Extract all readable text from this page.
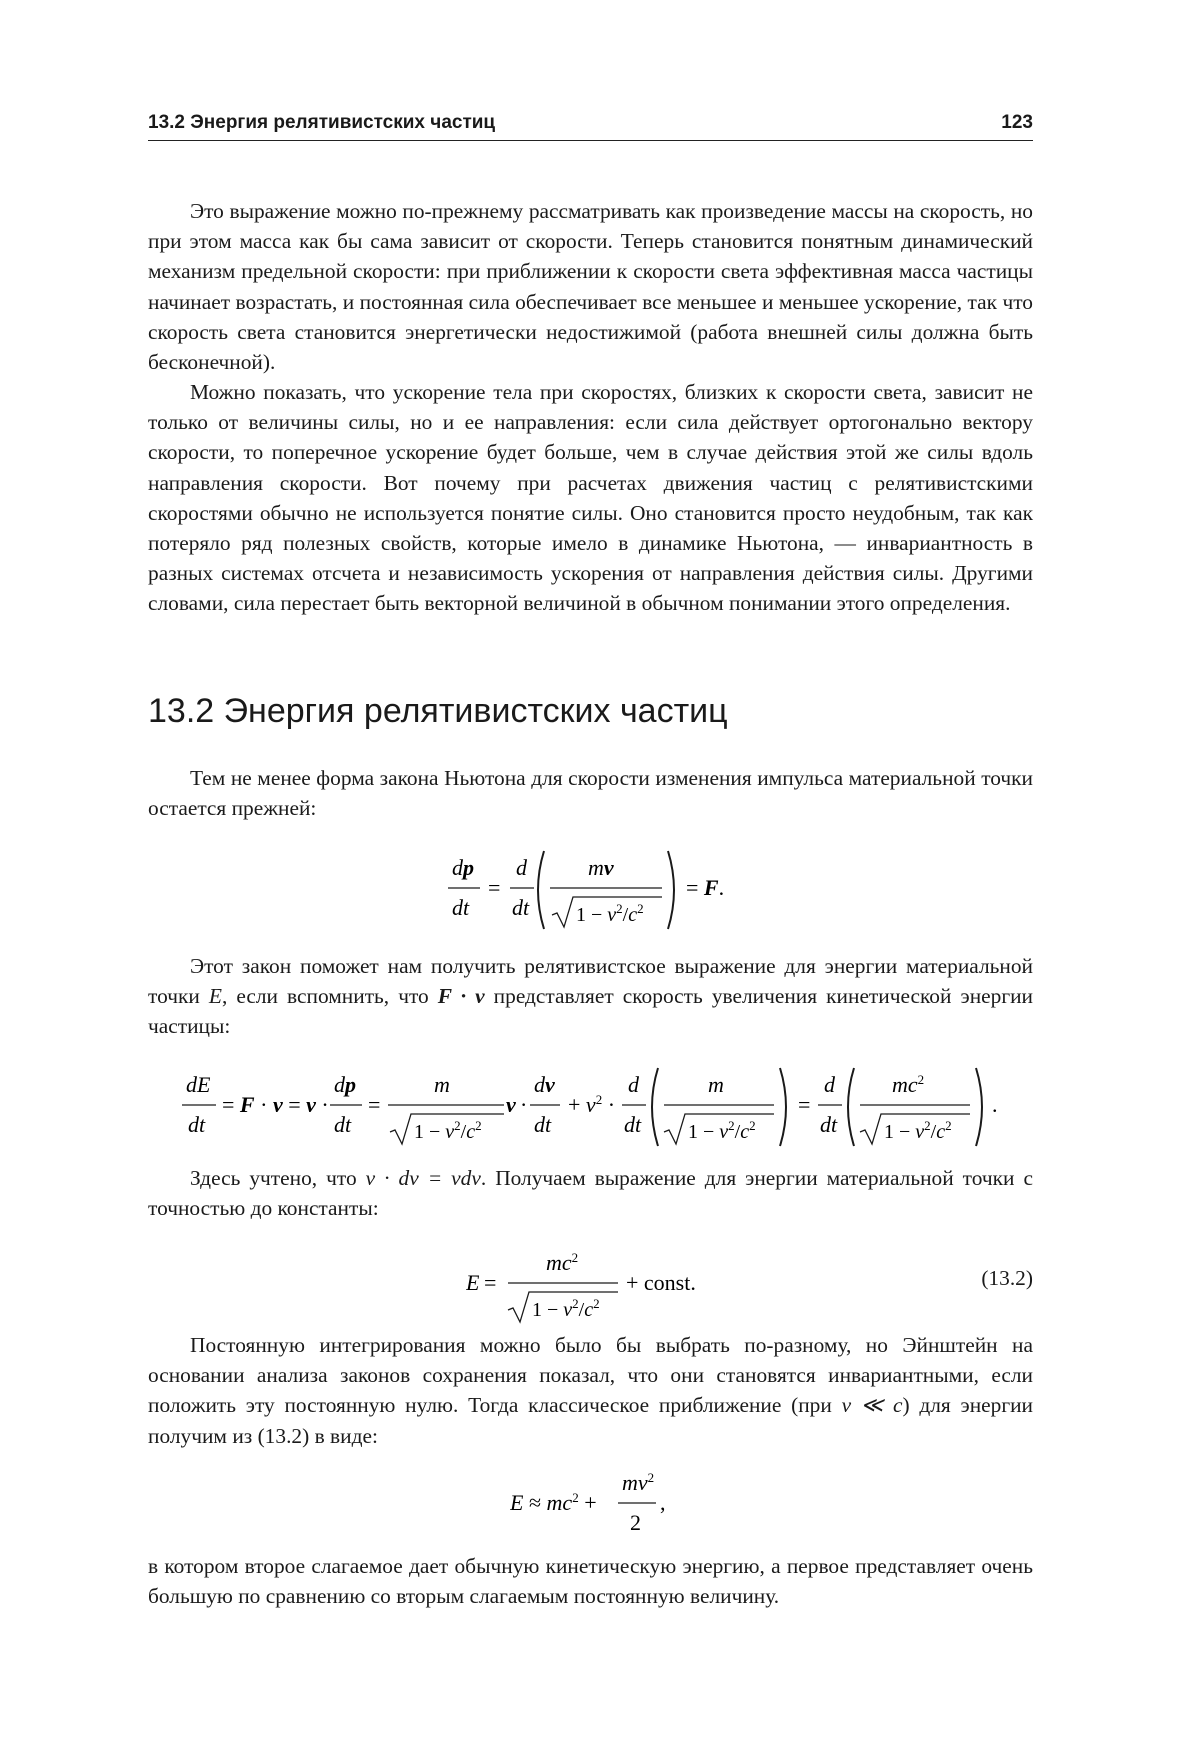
13.2 Энергия релятивистских частиц	123

Это выражение можно по-прежнему рассматривать как произведение массы на скорость, но при этом масса как бы сама зависит от скорости. Теперь становится понятным динамический механизм предельной скорости: при приближении к скорости света эффективная масса частицы начинает возрастать, и постоянная сила обеспечивает все меньшее и меньшее ускорение, так что скорость света становится энергетически недостижимой (работа внешней силы должна быть бесконечной).

Можно показать, что ускорение тела при скоростях, близких к скорости света, зависит не только от величины силы, но и ее направления: если сила действует ортогонально вектору скорости, то поперечное ускорение будет больше, чем в случае действия этой же силы вдоль направления скорости. Вот почему при расчетах движения частиц с релятивистскими скоростями обычно не используется понятие силы. Оно становится просто неудобным, так как потеряло ряд полезных свойств, которые имело в динамике Ньютона, — инвариантность в разных системах отсчета и независимость ускорения от направления действия силы. Другими словами, сила перестает быть векторной величиной в обычном понимании этого определения.

13.2 Энергия релятивистских частиц

Тем не менее форма закона Ньютона для скорости изменения импульса материальной точки остается прежней:

dp
dt
=
d
dt
mv
$1 - v^2/c^2$
= F.

Этот закон поможет нам получить релятивистское выражение для энергии материальной точки E, если вспомнить, что F · v представляет скорость увеличения кинетической энергии частицы:

dE
dt
= F · v = v ·
dp
dt
=
m
$1 - v^2/c^2$
v ·
dv
dt
+ $v^2$ ·
d
dt
m
$1 - v^2/c^2$
=
d
dt
$mc^2$
$1 - v^2/c^2$
.

Здесь учтено, что v · dv = vdv. Получаем выражение для энергии материальной точки с точностью до константы:

E =
$mc^2$
$1 - v^2/c^2$
+ const.	(13.2)

Постоянную интегрирования можно было бы выбрать по-разному, но Эйнштейн на основании анализа законов сохранения показал, что они становятся инвариантными, если положить эту постоянную нулю. Тогда классическое приближение (при v ≪ c) для энергии получим из (13.2) в виде:

$E \approx mc^2$ +
$mv^2$
2
,

в котором второе слагаемое дает обычную кинетическую энергию, а первое представляет очень большую по сравнению со вторым слагаемым постоянную величину.
